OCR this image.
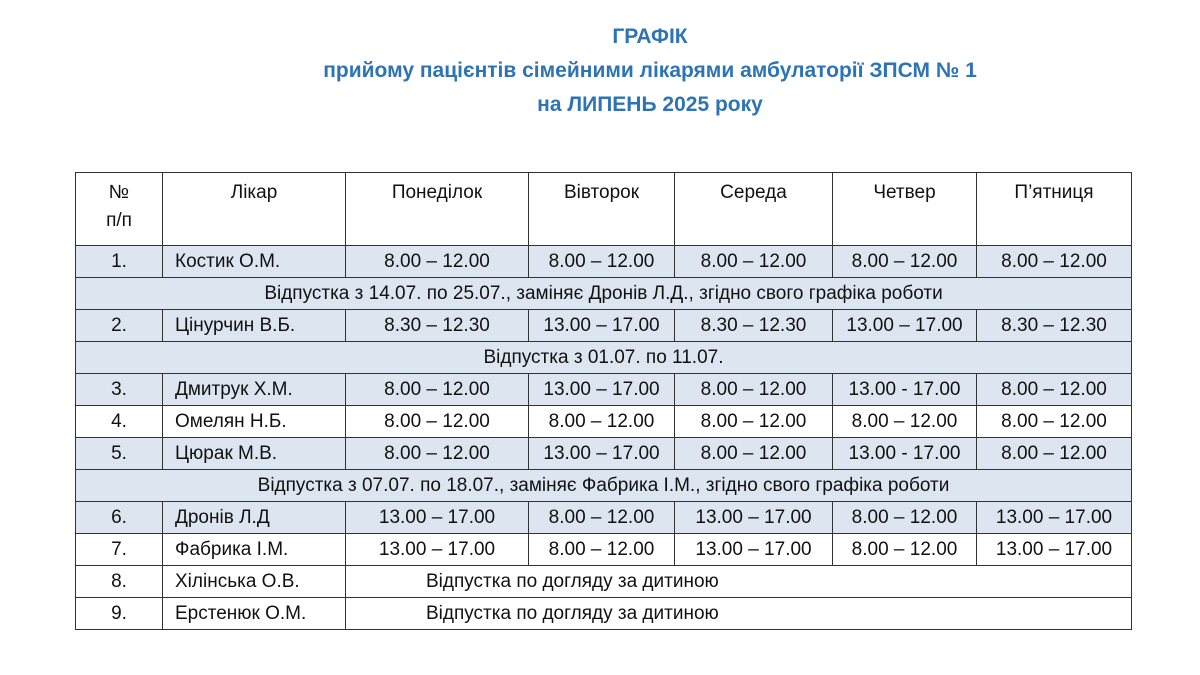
ГРАФІК
прийому пацієнтів сімейними лікарями амбулаторії ЗПСМ № 1
на ЛИПЕНЬ 2025 року
№
п/п	Лікар	Понеділок	Вівторок	Середа	Четвер	П’ятниця
1.	Костик О.М.	8.00 – 12.00	8.00 – 12.00	8.00 – 12.00	8.00 – 12.00	8.00 – 12.00
Відпустка з 14.07. по 25.07., заміняє Дронів Л.Д., згідно свого графіка роботи						
2.	Цінурчин В.Б.	8.30 – 12.30	13.00 – 17.00	8.30 – 12.30	13.00 – 17.00	8.30 – 12.30
Відпустка з 01.07. по 11.07.						
3.	Дмитрук Х.М.	8.00 – 12.00	13.00 – 17.00	8.00 – 12.00	13.00 - 17.00	8.00 – 12.00
4.	Омелян Н.Б.	8.00 – 12.00	8.00 – 12.00	8.00 – 12.00	8.00 – 12.00	8.00 – 12.00
5.	Цюрак М.В.	8.00 – 12.00	13.00 – 17.00	8.00 – 12.00	13.00 - 17.00	8.00 – 12.00
Відпустка з 07.07. по 18.07., заміняє Фабрика І.М., згідно свого графіка роботи						
6.	Дронів Л.Д	13.00 – 17.00	8.00 – 12.00	13.00 – 17.00	8.00 – 12.00	13.00 – 17.00
7.	Фабрика І.М.	13.00 – 17.00	8.00 – 12.00	13.00 – 17.00	8.00 – 12.00	13.00 – 17.00
8.	Хілінська О.В.	Відпустка по догляду за дитиною				
9.	Ерстенюк О.М.	Відпустка по догляду за дитиною				
